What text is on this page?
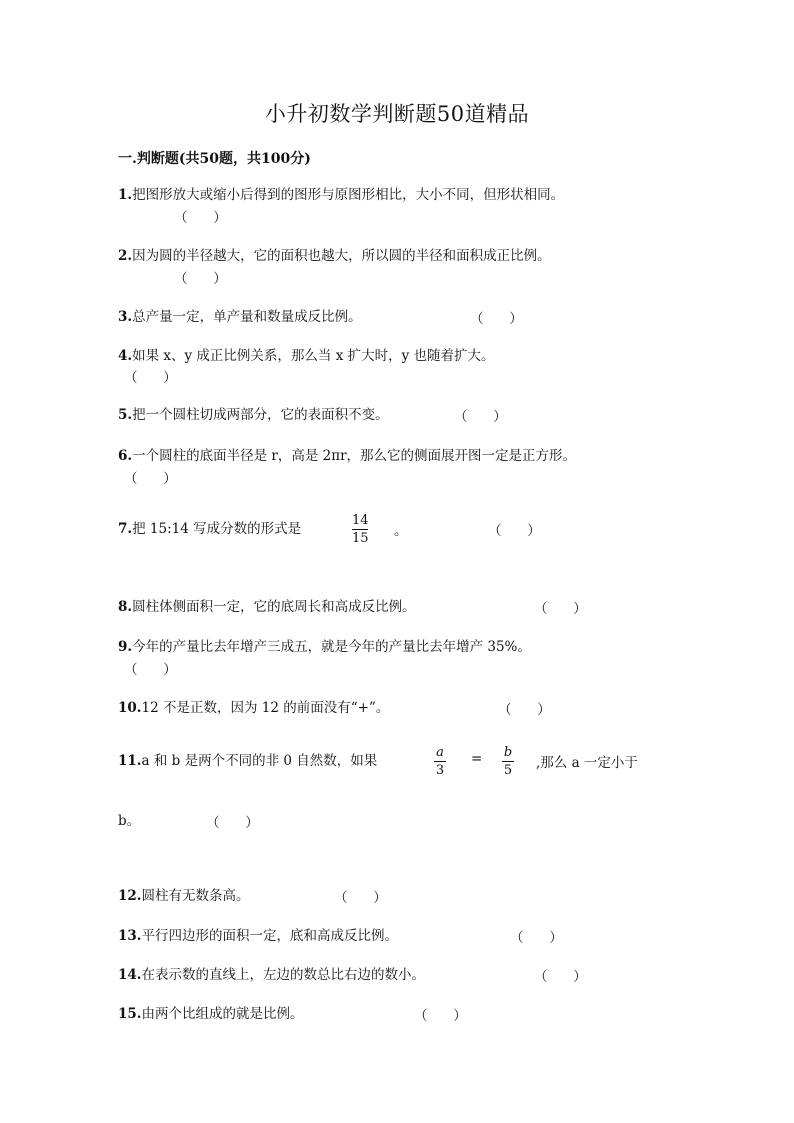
小升初数学判断题50道精品
一.判断题(共50题，共100分)
1.把图形放大或缩小后得到的图形与原图形相比，大小不同，但形状相同。
（      ）
2.因为圆的半径越大，它的面积也越大，所以圆的半径和面积成正比例。
（      ）
3.总产量一定，单产量和数量成反比例。	（      ）
4.如果 x、y 成正比例关系，那么当 x 扩大时，y 也随着扩大。
（      ）
5.把一个圆柱切成两部分，它的表面积不变。	（      ）
6.一个圆柱的底面半径是 r，高是 2πr，那么它的侧面展开图一定是正方形。
（      ）
7.把 15:14 写成分数的形式是
14
15 。	（      ）
8.圆柱体侧面积一定，它的底周长和高成反比例。	（      ）
9.今年的产量比去年增产三成五，就是今年的产量比去年增产 35%。
（      ）
10.12 不是正数，因为 12 的前面没有“+”。	（      ）
11.a 和 b 是两个不同的非 0 自然数，如果
a
3
= b
5 ,那么 a 一定小于
b。	（      ）
12.圆柱有无数条高。	（      ）
13.平行四边形的面积一定，底和高成反比例。	（      ）
14.在表示数的直线上，左边的数总比右边的数小。	（      ）
15.由两个比组成的就是比例。	（      ）
